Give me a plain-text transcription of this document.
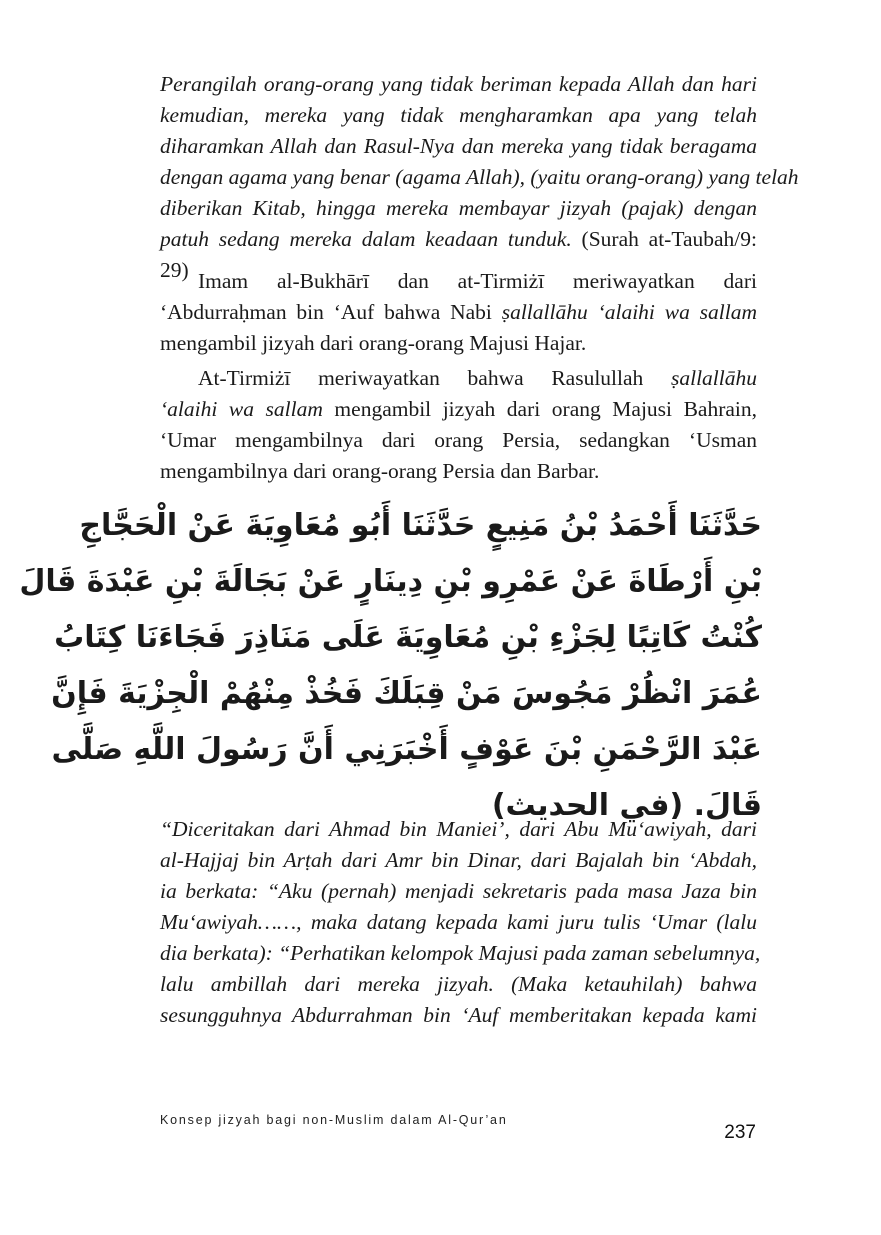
Perangilah orang-orang yang tidak beriman kepada Allah dan hari
kemudian, mereka yang tidak mengharamkan apa yang telah
diharamkan Allah dan Rasul-Nya dan mereka yang tidak beragama
dengan agama yang benar (agama Allah), (yaitu orang-orang) yang telah
diberikan Kitab, hingga mereka membayar jizyah (pajak) dengan
patuh sedang mereka dalam keadaan tunduk. (Surah at-Taubah/9:
29) Imam al-Bukhārī dan at-Tirmiżī meriwayatkan dari
‘Abdurraḥman bin ‘Auf bahwa Nabi ṣallallāhu ‘alaihi wa sallam
mengambil jizyah dari orang-orang Majusi Hajar.
At-Tirmiżī meriwayatkan bahwa Rasulullah ṣallallāhu
‘alaihi wa sallam mengambil jizyah dari orang Majusi Bahrain,
‘Umar mengambilnya dari orang Persia, sedangkan ‘Usman
mengambilnya dari orang-orang Persia dan Barbar.
ﺣَﺪَّﺛَﻨَﺎ أَﺣْﻤَﺪُ ﺑْﻦُ ﻣَﻨِﻴﻊٍ ﺣَﺪَّﺛَﻨَﺎ أَﺑُﻮ ﻣُﻌَﺎوِﻳَﺔَ ﻋَﻦْ اﻟْﺤَﺠَّﺎجِ
ﺑْﻦِ أَرْﻃَﺎةَ ﻋَﻦْ ﻋَﻤْﺮِو ﺑْﻦِ دِﻳﻨَﺎرٍ ﻋَﻦْ ﺑَﺠَﺎﻟَﺔَ ﺑْﻦِ ﻋَﺒْﺪَةَ ﻗَﺎلَ
ﻛُﻨْﺖُ ﻛَﺎﺗِﺒًﺎ ﻟِﺠَﺰْءِ ﺑْﻦِ ﻣُﻌَﺎوِﻳَﺔَ ﻋَﻠَﻰ ﻣَﻨَﺎذِرَ ﻓَﺠَﺎءَﻧَﺎ ﻛِﺘَﺎبُ
ﻋُﻤَﺮَ اﻧْﻈُﺮْ ﻣَﺠُﻮسَ ﻣَﻦْ ﻗِﺒَﻠَﻚَ ﻓَﺨُﺬْ ﻣِﻨْﻬُﻢْ اﻟْﺠِﺰْﻳَﺔَ ﻓَﺈِنَّ
ﻋَﺒْﺪَ اﻟﺮَّﺣْﻤَﻦِ ﺑْﻦَ ﻋَﻮْفٍ أَﺧْﺒَﺮَﻧِﻲ أَنَّ رَﺳُﻮلَ اﻟﻠَّﻪِ ﺻَﻠَّﻰ
ﻗَﺎلَ. (ﻓﻲ اﻟﺤﺪﻳﺚ)
“Diceritakan dari Ahmad bin Maniei’, dari Abu Mu‘awiyah, dari
al-Hajjaj bin Arṭah dari Amr bin Dinar, dari Bajalah bin ‘Abdah,
ia berkata: “Aku (pernah) menjadi sekretaris pada masa Jaza bin
Mu‘awiyah……, maka datang kepada kami juru tulis ‘Umar (lalu
dia berkata): “Perhatikan kelompok Majusi pada zaman sebelumnya,
lalu ambillah dari mereka jizyah. (Maka ketauhilah) bahwa
sesungguhnya Abdurrahman bin ‘Auf memberitakan kepada kami
Konsep jizyah bagi non-Muslim dalam Al-Qur’an
237
